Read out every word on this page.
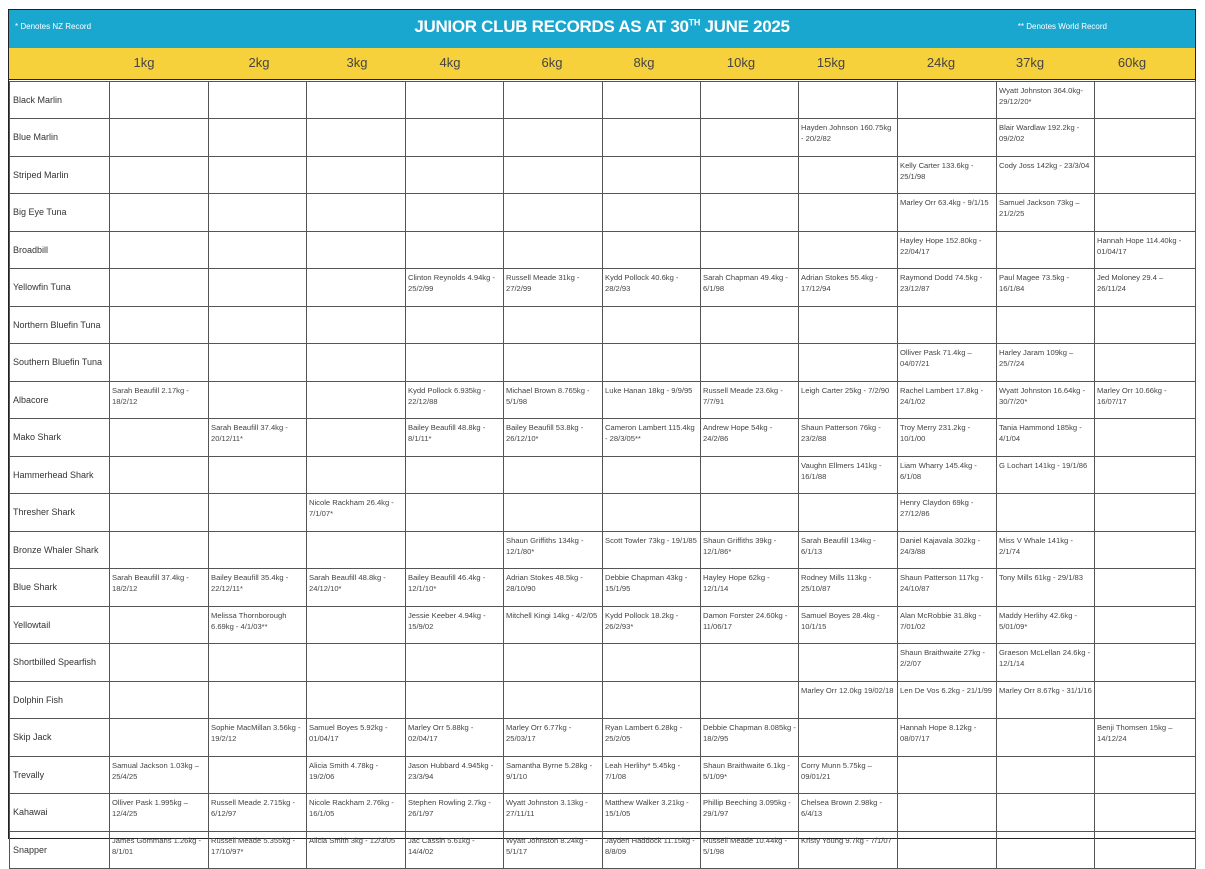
* Denotes NZ Record	JUNIOR CLUB RECORDS AS AT 30TH JUNE 2025	** Denotes World Record
1kg	2kg	3kg	4kg	6kg	8kg	10kg	15kg	24kg	37kg	60kg
Black Marlin										Wyatt Johnston 364.0kg-29/12/20*	

Blue Marlin								Hayden Johnson 160.75kg - 20/2/82		Blair Wardlaw 192.2kg - 09/2/02	

Striped Marlin									Kelly Carter 133.6kg - 25/1/98	Cody Joss 142kg - 23/3/04	

Big Eye Tuna									Marley Orr 63.4kg - 9/1/15	Samuel Jackson 73kg – 21/2/25	

Broadbill									Hayley Hope 152.80kg - 22/04/17		Hannah Hope 114.40kg - 01/04/17

Yellowfin Tuna				Clinton Reynolds 4.94kg - 25/2/99	Russell Meade 31kg - 27/2/99	Kydd Pollock 40.6kg - 28/2/93	Sarah Chapman 49.4kg - 6/1/98	Adrian Stokes 55.4kg - 17/12/94	Raymond Dodd 74.5kg - 23/12/87	Paul Magee 73.5kg - 16/1/84	Jed Moloney 29.4 – 26/11/24

Northern Bluefin Tuna	

Southern Bluefin Tuna									Olliver Pask 71.4kg – 04/07/21	Harley Jaram 109kg – 25/7/24	

Albacore	Sarah Beaufill 2.17kg - 18/2/12			Kydd Pollock 6.935kg - 22/12/88	Michael Brown 8.765kg - 5/1/98	Luke Hanan 18kg - 9/9/95	Russell Meade 23.6kg - 7/7/91	Leigh Carter 25kg - 7/2/90	Rachel Lambert 17.8kg - 24/1/02	Wyatt Johnston 16.64kg - 30/7/20*	Marley Orr 10.66kg - 16/07/17

Mako Shark		Sarah Beaufill 37.4kg - 20/12/11*		Bailey Beaufill 48.8kg - 8/1/11*	Bailey Beaufill 53.8kg - 26/12/10*	Cameron Lambert 115.4kg - 28/3/05**	Andrew Hope 54kg - 24/2/86	Shaun Patterson 76kg - 23/2/88	Troy Merry 231.2kg - 10/1/00	Tania Hammond 185kg - 4/1/04	

Hammerhead Shark								Vaughn Ellmers 141kg - 16/1/88	Liam Wharry 145.4kg - 6/1/08	G Lochart 141kg - 19/1/86	

Thresher Shark			Nicole Rackham 26.4kg - 7/1/07*						Henry Claydon 69kg - 27/12/86		

Bronze Whaler Shark					Shaun Griffiths 134kg - 12/1/80*	Scott Towler 73kg - 19/1/85	Shaun Griffiths 39kg - 12/1/86*	Sarah Beaufill 134kg - 6/1/13	Daniel Kajavala 302kg - 24/3/88	Miss V Whale 141kg - 2/1/74	

Blue Shark	Sarah Beaufill 37.4kg - 18/2/12	Bailey Beaufill 35.4kg - 22/12/11*	Sarah Beaufill 48.8kg - 24/12/10*	Bailey Beaufill 46.4kg - 12/1/10*	Adrian Stokes 48.5kg - 28/10/90	Debbie Chapman 43kg - 15/1/95	Hayley Hope 62kg - 12/1/14	Rodney Mills 113kg - 25/10/87	Shaun Patterson 117kg - 24/10/87	Tony Mills 61kg - 29/1/83	

Yellowtail		Melissa Thornborough 6.69kg - 4/1/03**		Jessie Keeber 4.94kg - 15/9/02	Mitchell Kingi 14kg - 4/2/05	Kydd Pollock 18.2kg - 26/2/93*	Damon Forster 24.60kg - 11/06/17	Samuel Boyes 28.4kg - 10/1/15	Alan McRobbie 31.8kg - 7/01/02	Maddy Herlihy 42.6kg - 5/01/09*	

Shortbilled Spearfish									Shaun Braithwaite 27kg - 2/2/07	Graeson McLellan 24.6kg - 12/1/14	

Dolphin Fish								Marley Orr 12.0kg 19/02/18	Len De Vos 6.2kg - 21/1/99	Marley Orr 8.67kg - 31/1/16	

Skip Jack		Sophie MacMillan 3.56kg - 19/2/12	Samuel Boyes 5.92kg - 01/04/17	Marley Orr 5.88kg - 02/04/17	Marley Orr 6.77kg - 25/03/17	Ryan Lambert 6.28kg - 25/2/05	Debbie Chapman 8.085kg - 18/2/95		Hannah Hope 8.12kg - 08/07/17		Benji Thomsen 15kg – 14/12/24

Trevally	Samual Jackson 1.03kg – 25/4/25		Alicia Smith 4.78kg - 19/2/06	Jason Hubbard 4.945kg - 23/3/94	Samantha Byrne 5.28kg - 9/1/10	Leah Herlihy* 5.45kg - 7/1/08	Shaun Braithwaite 6.1kg - 5/1/09*	Corry Munn 5.75kg – 09/01/21			

Kahawai	Olliver Pask 1.995kg – 12/4/25	Russell Meade 2.715kg - 6/12/97	Nicole Rackham 2.76kg - 16/1/05	Stephen Rowling 2.7kg - 26/1/97	Wyatt Johnston 3.13kg - 27/11/11	Matthew Walker 3.21kg - 15/1/05	Phillip Beeching 3.095kg - 29/1/97	Chelsea Brown 2.98kg - 6/4/13			

Snapper	James Gommans 1.26kg - 8/1/01	Russell Meade 5.355kg - 17/10/97*	Alicia Smith 3kg - 12/3/05	Jac Cassin 5.61kg - 14/4/02	Wyatt Johnston 8.24kg - 5/1/17	Jayden Haddock 11.15kg - 8/8/09	Russell Meade 10.44kg - 5/1/98	Kristy Young 9.7kg - 7/1/07			
